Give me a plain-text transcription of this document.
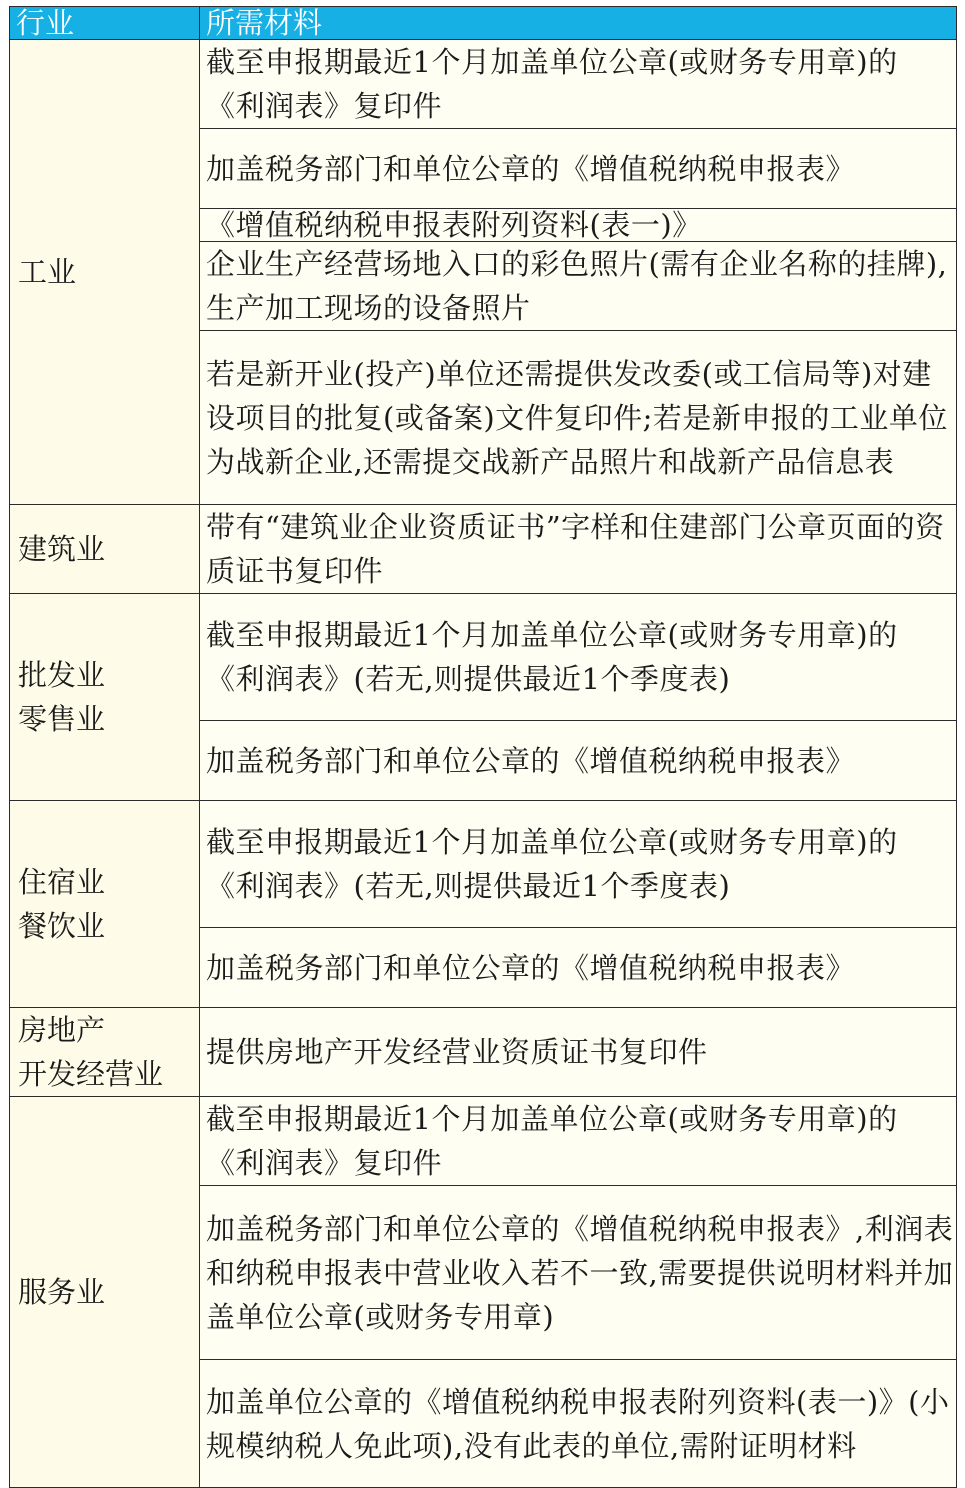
行业	所需材料

工业	截至申报期最近1个月加盖单位公章(或财务专用章)的《利润表》复印件

	加盖税务部门和单位公章的《增值税纳税申报表》

	《增值税纳税申报表附列资料(表一)》

	企业生产经营场地入口的彩色照片(需有企业名称的挂牌),生产加工现场的设备照片

	若是新开业(投产)单位还需提供发改委(或工信局等)对建设项目的批复(或备案)文件复印件;若是新申报的工业单位为战新企业,还需提交战新产品照片和战新产品信息表

建筑业	带有“建筑业企业资质证书”字样和住建部门公章页面的资质证书复印件

批发业
零售业	截至申报期最近1个月加盖单位公章(或财务专用章)的《利润表》(若无,则提供最近1个季度表)

	加盖税务部门和单位公章的《增值税纳税申报表》

住宿业
餐饮业	截至申报期最近1个月加盖单位公章(或财务专用章)的《利润表》(若无,则提供最近1个季度表)

	加盖税务部门和单位公章的《增值税纳税申报表》

房地产
开发经营业	提供房地产开发经营业资质证书复印件

服务业	截至申报期最近1个月加盖单位公章(或财务专用章)的《利润表》复印件

	加盖税务部门和单位公章的《增值税纳税申报表》,利润表和纳税申报表中营业收入若不一致,需要提供说明材料并加盖单位公章(或财务专用章)

	加盖单位公章的《增值税纳税申报表附列资料(表一)》(小规模纳税人免此项),没有此表的单位,需附证明材料
